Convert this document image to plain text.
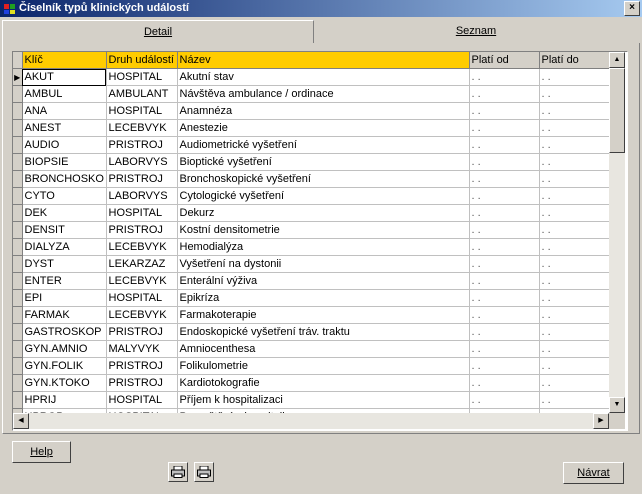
Číselník typů klinických událostí	×
Detail	Seznam
	Klíč	Druh událostí	Název	Platí od	Platí do
▶	AKUT	HOSPITAL	Akutní stav	. .	. .
	AMBUL	AMBULANT	Návštěva ambulance / ordinace	. .	. .
	ANA	HOSPITAL	Anamnéza	. .	. .
	ANEST	LECEBVYK	Anestezie	. .	. .
	AUDIO	PRISTROJ	Audiometrické vyšetření	. .	. .
	BIOPSIE	LABORVYS	Bioptické vyšetření	. .	. .
	BRONCHOSKO	PRISTROJ	Bronchoskopické vyšetření	. .	. .
	CYTO	LABORVYS	Cytologické vyšetření	. .	. .
	DEK	HOSPITAL	Dekurz	. .	. .
	DENSIT	PRISTROJ	Kostní densitometrie	. .	. .
	DIALYZA	LECEBVYK	Hemodialýza	. .	. .
	DYST	LEKARZAZ	Vyšetření na dystonii	. .	. .
	ENTER	LECEBVYK	Enterální výživa	. .	. .
	EPI	HOSPITAL	Epikríza	. .	. .
	FARMAK	LECEBVYK	Farmakoterapie	. .	. .
	GASTROSKOP	PRISTROJ	Endoskopické vyšetření tráv. traktu	. .	. .
	GYN.AMNIO	MALYVYK	Amniocenthesa	. .	. .
	GYN.FOLIK	PRISTROJ	Folikulometrie	. .	. .
	GYN.KTOKO	PRISTROJ	Kardiotokografie	. .	. .
	HPRIJ	HOSPITAL	Příjem k hospitalizaci	. .	. .

▲
▼
◀	▶
Help
Návrat
